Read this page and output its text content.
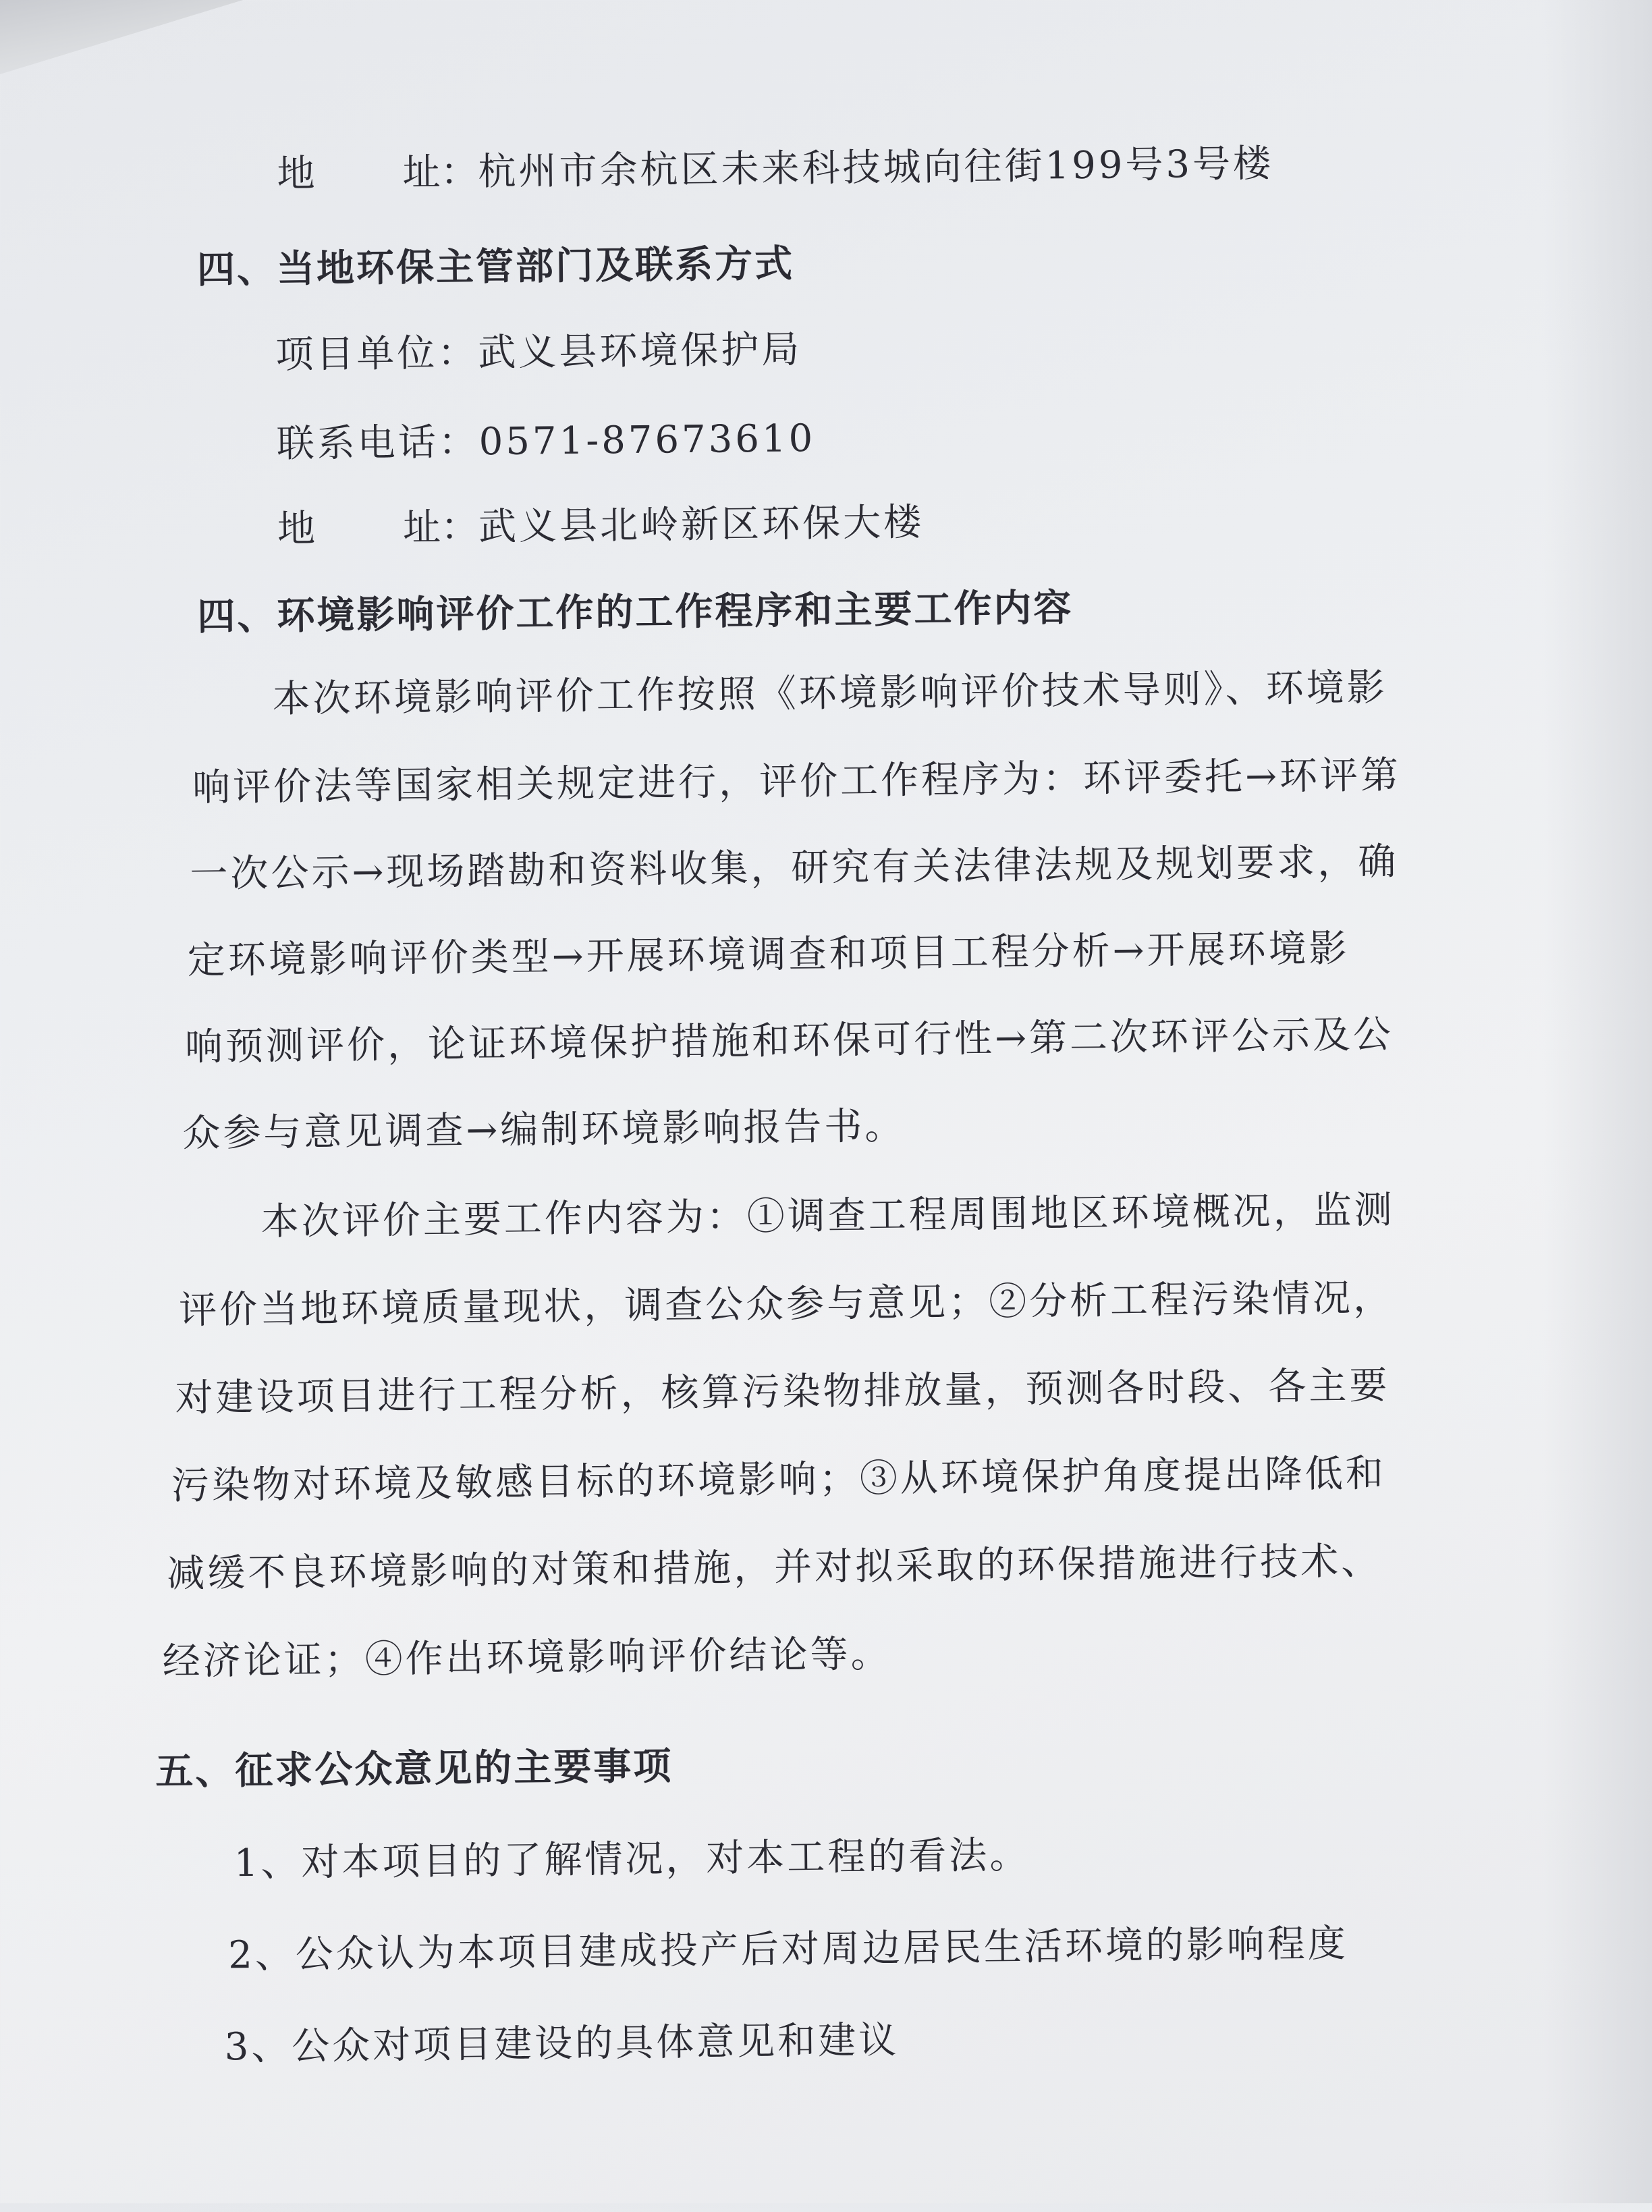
地 址：杭州市余杭区未来科技城向往街199号3号楼
四、当地环保主管部门及联系方式
项目单位：武义县环境保护局
联系电话：0571-87673610
地 址：武义县北岭新区环保大楼
四、环境影响评价工作的工作程序和主要工作内容
本次环境影响评价工作按照《环境影响评价技术导则》、环境影
响评价法等国家相关规定进行，评价工作程序为：环评委托→环评第
一次公示→现场踏勘和资料收集，研究有关法律法规及规划要求，确
定环境影响评价类型→开展环境调查和项目工程分析→开展环境影
响预测评价，论证环境保护措施和环保可行性→第二次环评公示及公
众参与意见调查→编制环境影响报告书。
本次评价主要工作内容为：①调查工程周围地区环境概况，监测
评价当地环境质量现状，调查公众参与意见；②分析工程污染情况，
对建设项目进行工程分析，核算污染物排放量，预测各时段、各主要
污染物对环境及敏感目标的环境影响；③从环境保护角度提出降低和
减缓不良环境影响的对策和措施，并对拟采取的环保措施进行技术、
经济论证；④作出环境影响评价结论等。
五、征求公众意见的主要事项
1、对本项目的了解情况，对本工程的看法。
2、公众认为本项目建成投产后对周边居民生活环境的影响程度
3、公众对项目建设的具体意见和建议
